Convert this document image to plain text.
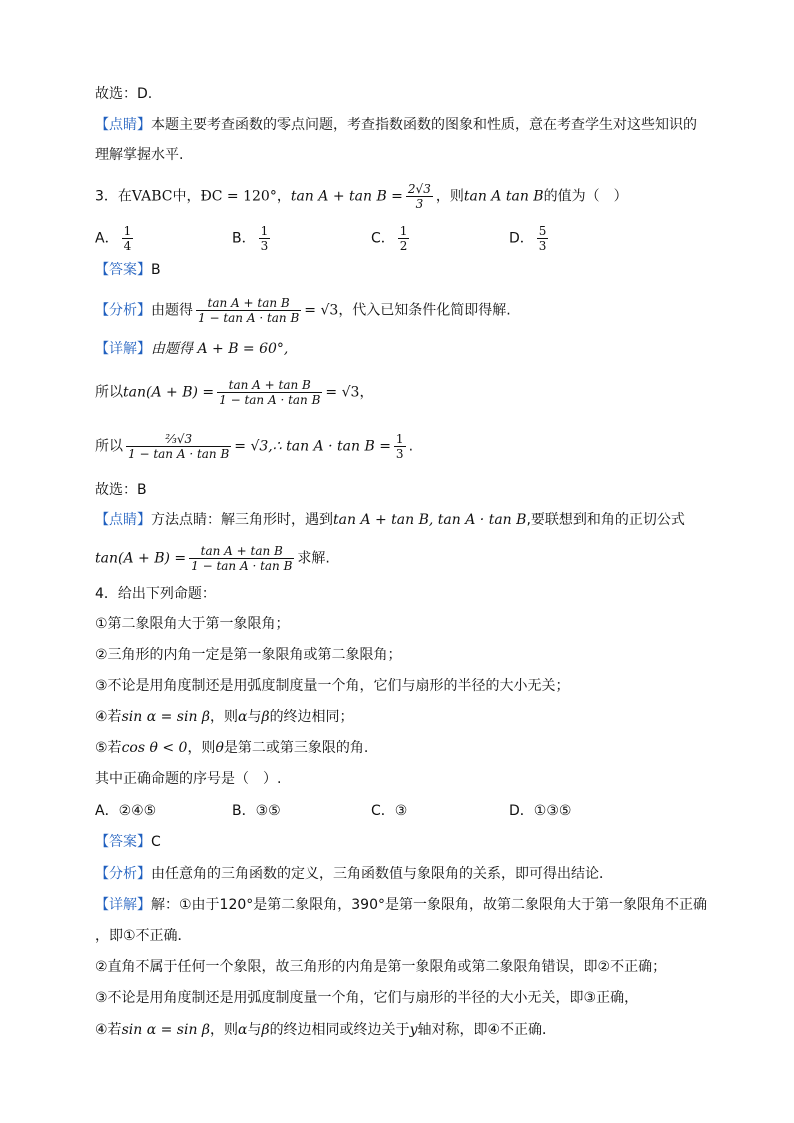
故选：D.
【点睛】本题主要考查函数的零点问题，考查指数函数的图象和性质，意在考查学生对这些知识的
理解掌握水平.
3．在VABC中，ÐC = 120°，$\tan A + \tan B = \frac{2√3}{3}$ ，则tan A tan B的值为（　）
A． $\frac{1}{4}$	B． $\frac{1}{3}$	C． $\frac{1}{2}$	D． $\frac{5}{3}$
【答案】B
【分析】由题得 $\frac{\text{tan A + tan B}}{\text{1 − tan A · tan B}} = √3$，代入已知条件化简即得解.
【详解】由题得 A + B = 60°,
所以$\tan(A + B) = \frac{\text{tan A + tan B}}{\text{1 − tan A · tan B}} = √3$，
所以 $\frac{\text{⅔√3}}{\text{1 − tan A · tan B}}$ = √3,∴ $\tan A \cdot \tan B = \frac{1}{3}$ .
故选：B
【点睛】方法点睛：解三角形时，遇到tan A + tan B, tan A · tan B,要联想到和角的正切公式
$\tan(A + B) = \frac{\text{tan A + tan B}}{\text{1 − tan A · tan B}}$ 求解.
4．给出下列命题：
①第二象限角大于第一象限角；
②三角形的内角一定是第一象限角或第二象限角；
③不论是用角度制还是用弧度制度量一个角，它们与扇形的半径的大小无关；
④若sin α = sin β，则α与β的终边相同；
⑤若cos θ < 0，则θ是第二或第三象限的角.
其中正确命题的序号是（　）.
A．②④⑤	B．③⑤	C．③	D．①③⑤
【答案】C
【分析】由任意角的三角函数的定义，三角函数值与象限角的关系，即可得出结论．
【详解】解：①由于120°是第二象限角，390°是第一象限角，故第二象限角大于第一象限角不正确
，即①不正确．
②直角不属于任何一个象限，故三角形的内角是第一象限角或第二象限角错误，即②不正确；
③不论是用角度制还是用弧度制度量一个角，它们与扇形的半径的大小无关，即③正确，
④若sin α = sin β，则α与β的终边相同或终边关于y轴对称，即④不正确．
